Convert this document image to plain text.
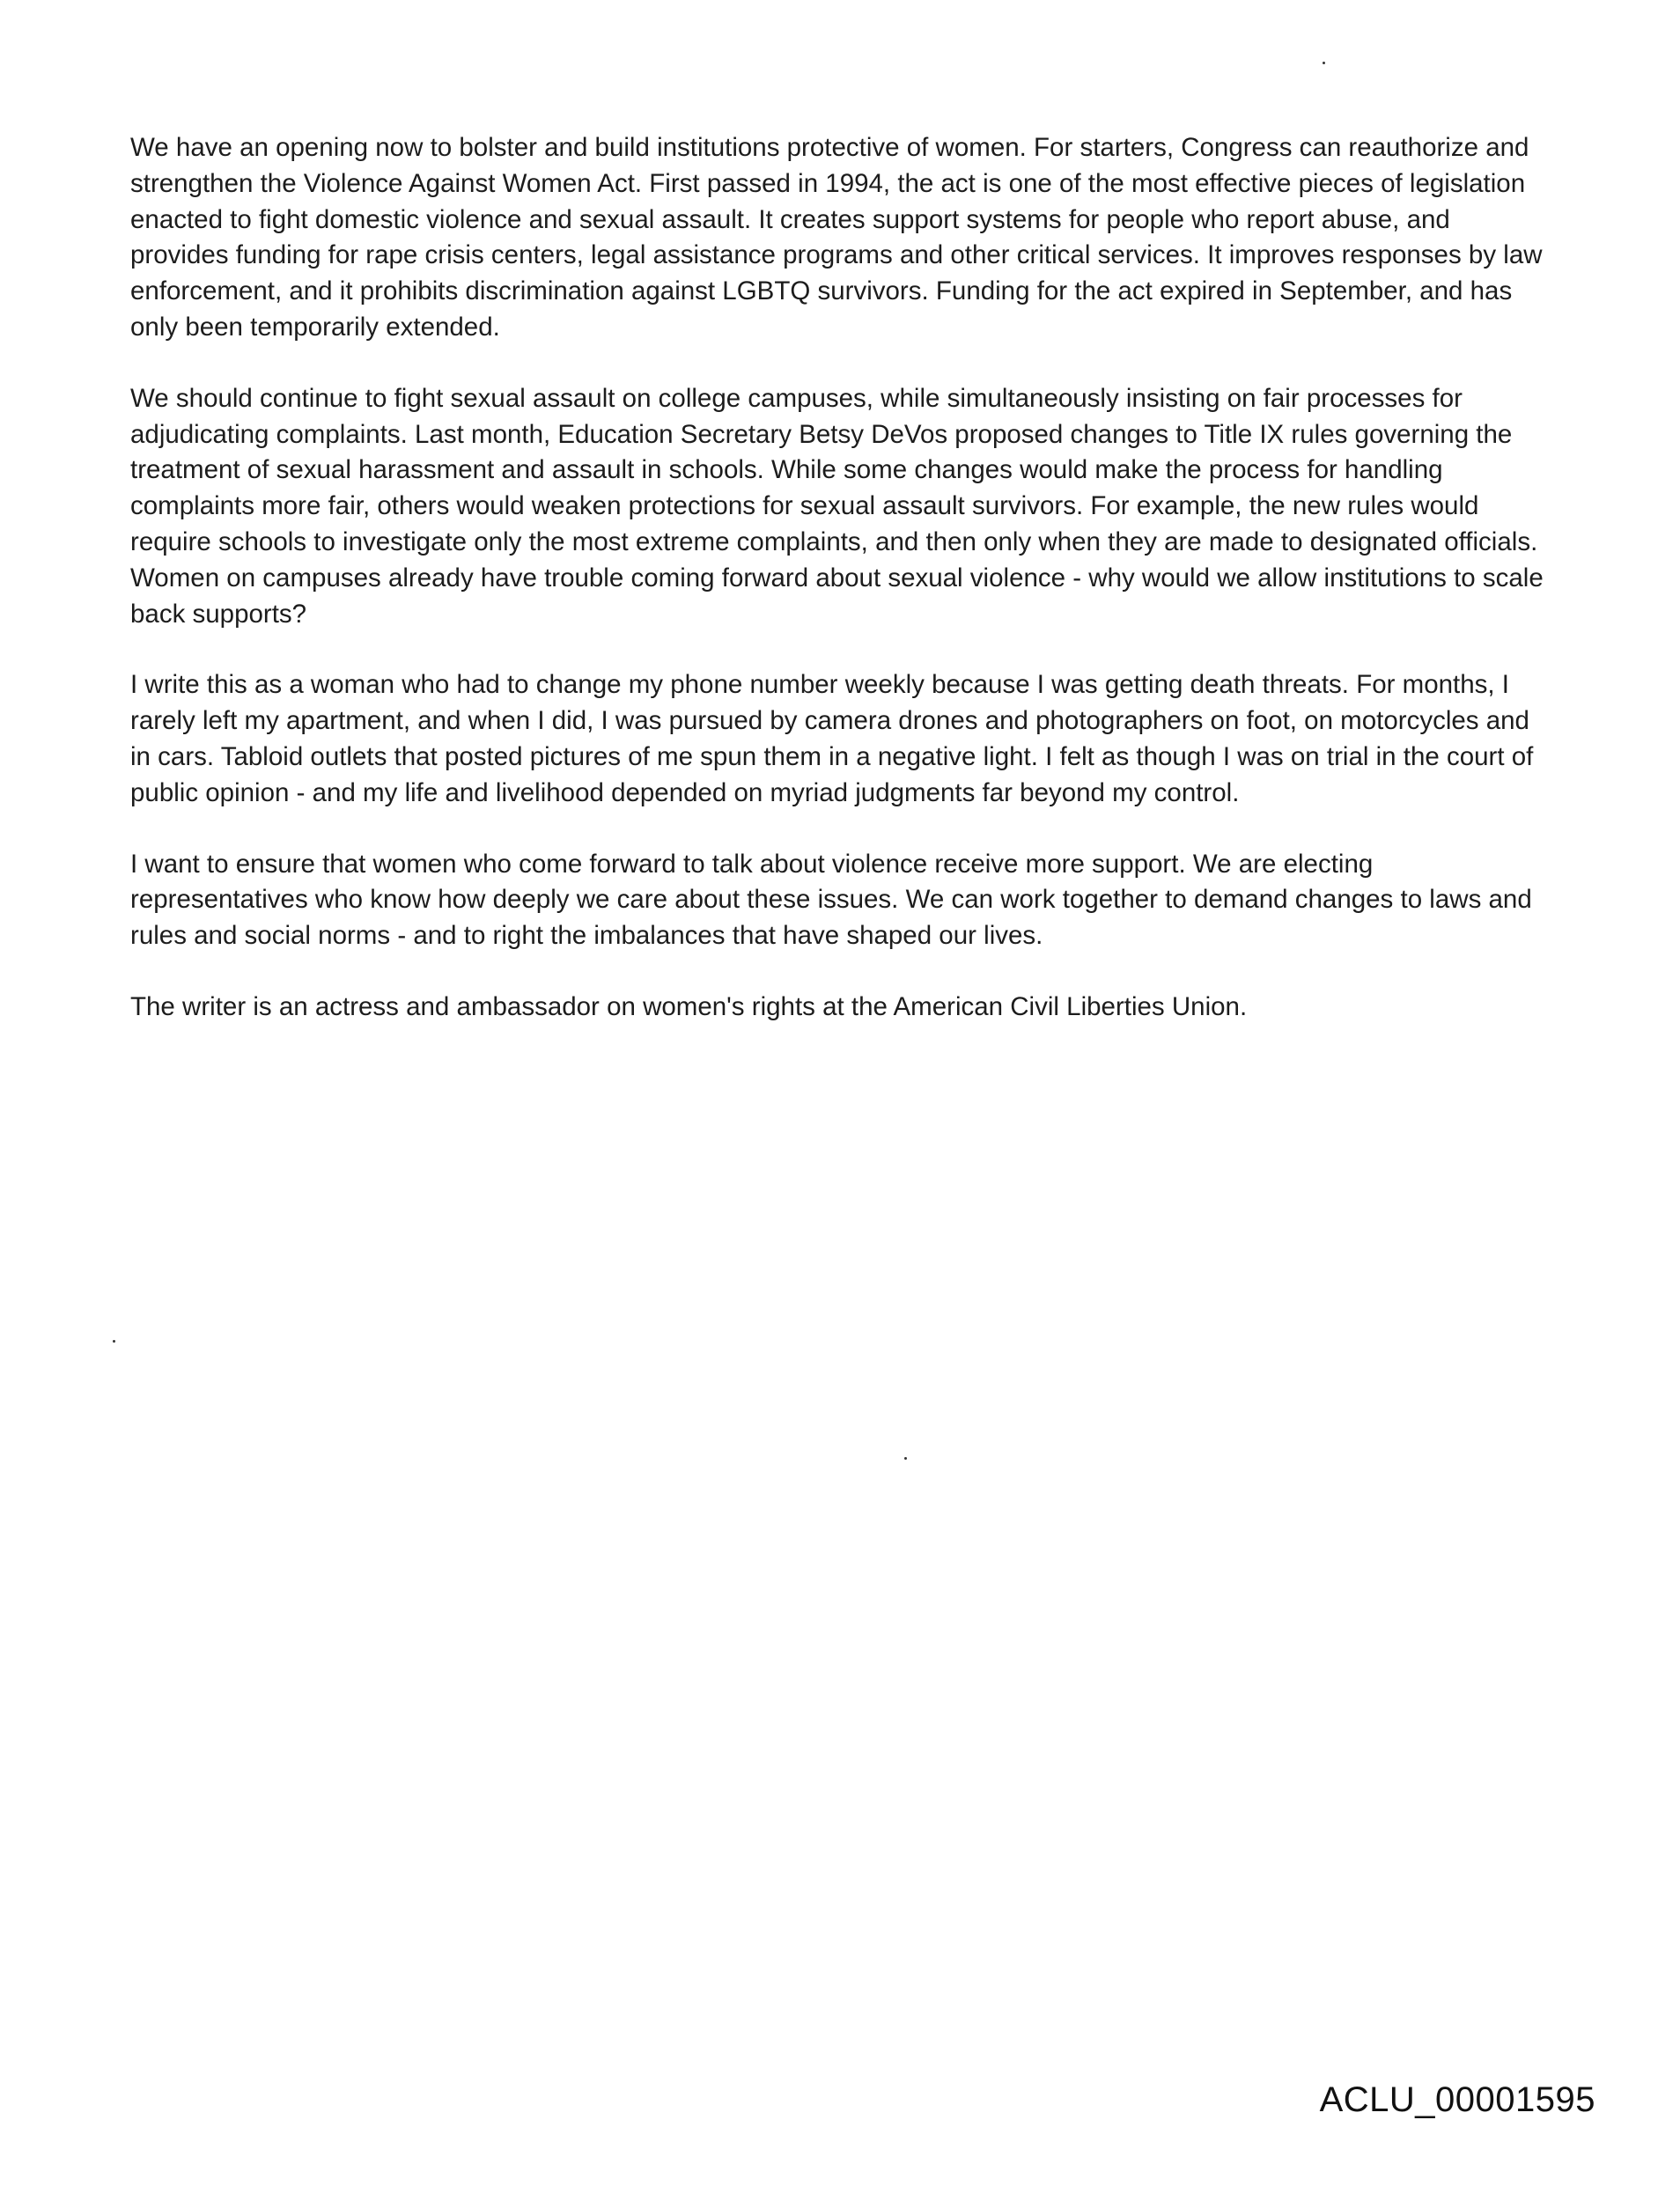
We have an opening now to bolster and build institutions protective of women. For starters, Congress can reauthorize and strengthen the Violence Against Women Act. First passed in 1994, the act is one of the most effective pieces of legislation enacted to fight domestic violence and sexual assault. It creates support systems for people who report abuse, and provides funding for rape crisis centers, legal assistance programs and other critical services. It improves responses by law enforcement, and it prohibits discrimination against LGBTQ survivors. Funding for the act expired in September, and has only been temporarily extended.

We should continue to fight sexual assault on college campuses, while simultaneously insisting on fair processes for adjudicating complaints. Last month, Education Secretary Betsy DeVos proposed changes to Title IX rules governing the treatment of sexual harassment and assault in schools. While some changes would make the process for handling complaints more fair, others would weaken protections for sexual assault survivors. For example, the new rules would require schools to investigate only the most extreme complaints, and then only when they are made to designated officials. Women on campuses already have trouble coming forward about sexual violence - why would we allow institutions to scale back supports?

I write this as a woman who had to change my phone number weekly because I was getting death threats. For months, I rarely left my apartment, and when I did, I was pursued by camera drones and photographers on foot, on motorcycles and in cars. Tabloid outlets that posted pictures of me spun them in a negative light. I felt as though I was on trial in the court of public opinion - and my life and livelihood depended on myriad judgments far beyond my control.

I want to ensure that women who come forward to talk about violence receive more support. We are electing representatives who know how deeply we care about these issues. We can work together to demand changes to laws and rules and social norms - and to right the imbalances that have shaped our lives.

The writer is an actress and ambassador on women's rights at the American Civil Liberties Union.

ACLU_00001595
